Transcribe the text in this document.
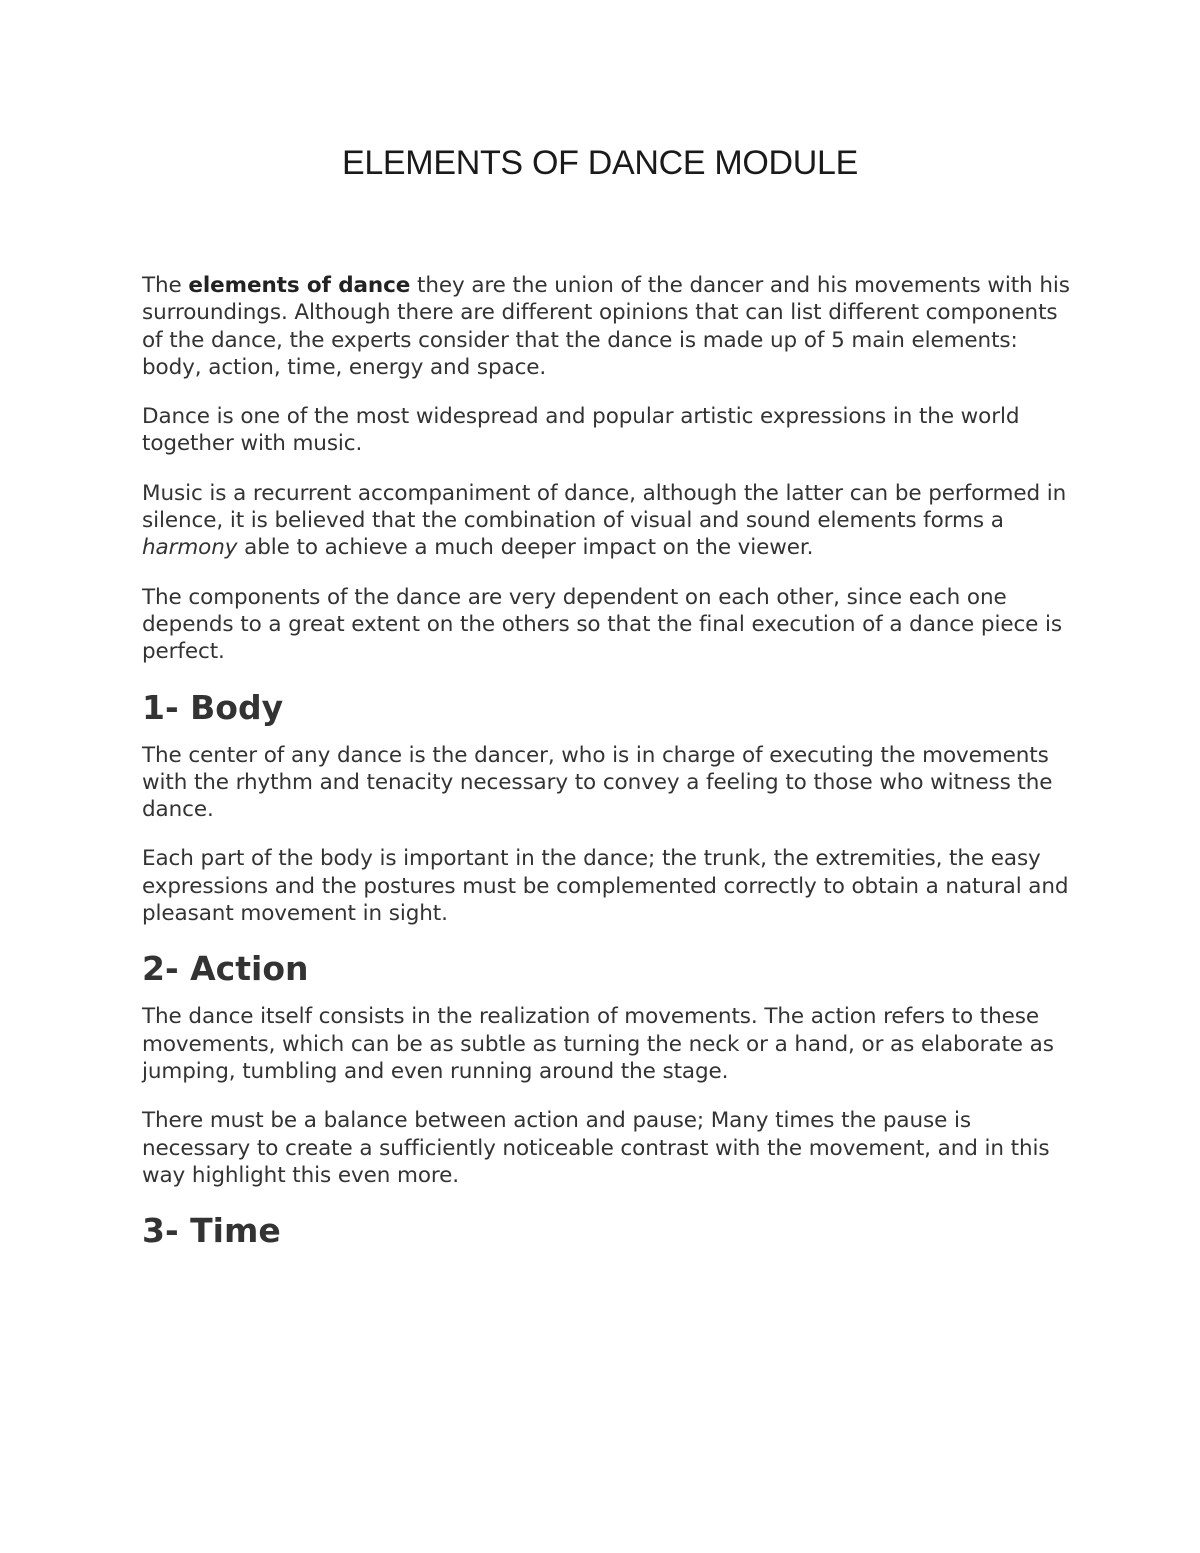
ELEMENTS OF DANCE MODULE

The elements of dance they are the union of the dancer and his movements with his surroundings. Although there are different opinions that can list different components of the dance, the experts consider that the dance is made up of 5 main elements: body, action, time, energy and space.

Dance is one of the most widespread and popular artistic expressions in the world together with music.

Music is a recurrent accompaniment of dance, although the latter can be performed in silence, it is believed that the combination of visual and sound elements forms a harmony able to achieve a much deeper impact on the viewer.

The components of the dance are very dependent on each other, since each one depends to a great extent on the others so that the final execution of a dance piece is perfect.

1- Body

The center of any dance is the dancer, who is in charge of executing the movements with the rhythm and tenacity necessary to convey a feeling to those who witness the dance.

Each part of the body is important in the dance; the trunk, the extremities, the easy expressions and the postures must be complemented correctly to obtain a natural and pleasant movement in sight.

2- Action

The dance itself consists in the realization of movements. The action refers to these movements, which can be as subtle as turning the neck or a hand, or as elaborate as jumping, tumbling and even running around the stage.

There must be a balance between action and pause; Many times the pause is necessary to create a sufficiently noticeable contrast with the movement, and in this way highlight this even more.

3- Time
